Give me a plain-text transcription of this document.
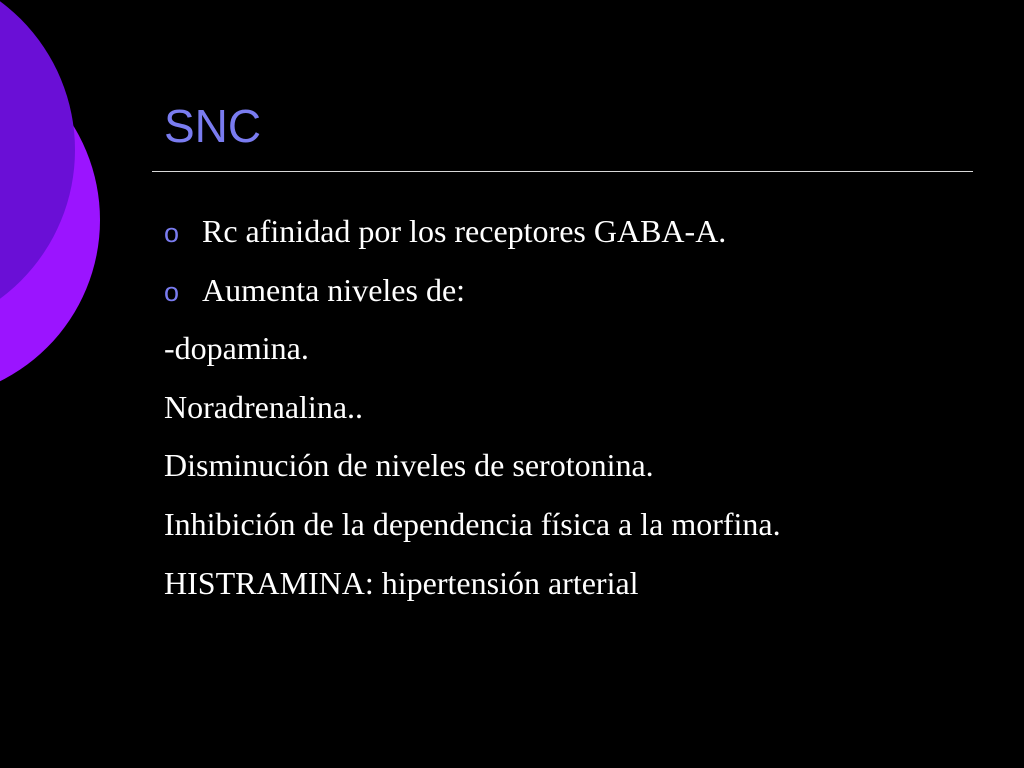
SNC
o Rc afinidad por los receptores GABA-A.
o Aumenta niveles de:
-dopamina.
Noradrenalina..
Disminución de niveles de serotonina.
Inhibición de la dependencia física a la morfina.
HISTRAMINA: hipertensión arterial
